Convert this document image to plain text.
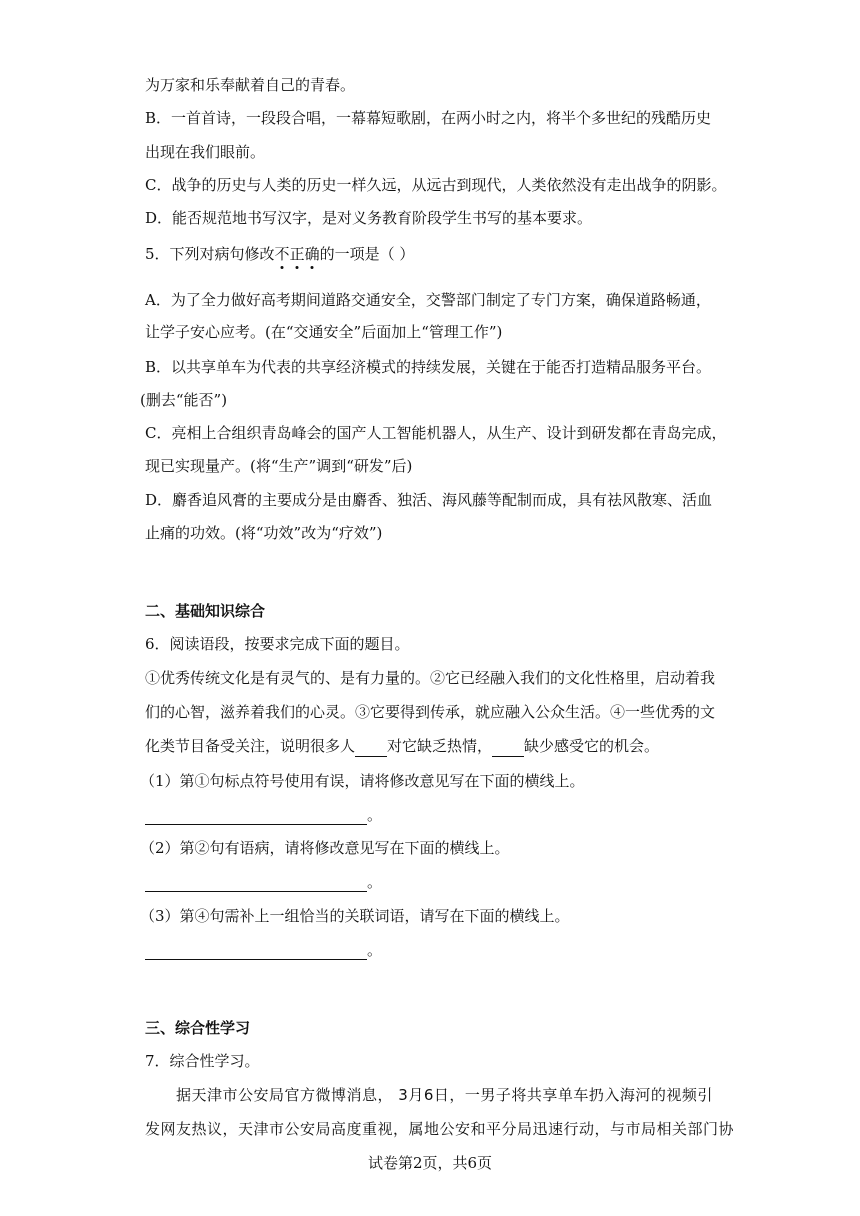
为万家和乐奉献着自己的青春。
B．一首首诗，一段段合唱，一幕幕短歌剧，在两小时之内，将半个多世纪的残酷历史
出现在我们眼前。
C．战争的历史与人类的历史一样久远，从远古到现代，人类依然没有走出战争的阴影。
D．能否规范地书写汉字，是对义务教育阶段学生书写的基本要求。
5．下列对病句修改不
正
确
的一项是（ ）
A．为了全力做好高考期间道路交通安全，交警部门制定了专门方案，确保道路畅通，
让学子安心应考。(在“交通安全”后面加上“管理工作”)
B．以共享单车为代表的共享经济模式的持续发展，关键在于能否打造精品服务平台。
(删去“能否”)
C．亮相上合组织青岛峰会的国产人工智能机器人，从生产、设计到研发都在青岛完成，
现已实现量产。(将“生产”调到“研发”后)
D．麝香追风膏的主要成分是由麝香、独活、海风藤等配制而成，具有祛风散寒、活血
止痛的功效。(将“功效”改为“疗效”)
二、基础知识综合
6．阅读语段，按要求完成下面的题目。
①优秀传统文化是有灵气的、是有力量的。②它已经融入我们的文化性格里，启动着我
们的心智，滋养着我们的心灵。③它要得到传承，就应融入公众生活。④一些优秀的文
化类节目备受关注，说明很多人 对它缺乏热情， 缺少感受它的机会。
（1）第①句标点符号使用有误，请将修改意见写在下面的横线上。
。
（2）第②句有语病，请将修改意见写在下面的横线上。
。
（3）第④句需补上一组恰当的关联词语，请写在下面的横线上。
。
三、综合性学习
7．综合性学习。
据天津市公安局官方微博消息， 3月6日，一男子将共享单车扔入海河的视频引
发网友热议，天津市公安局高度重视，属地公安和平分局迅速行动，与市局相关部门协
试卷第2页，共6页
